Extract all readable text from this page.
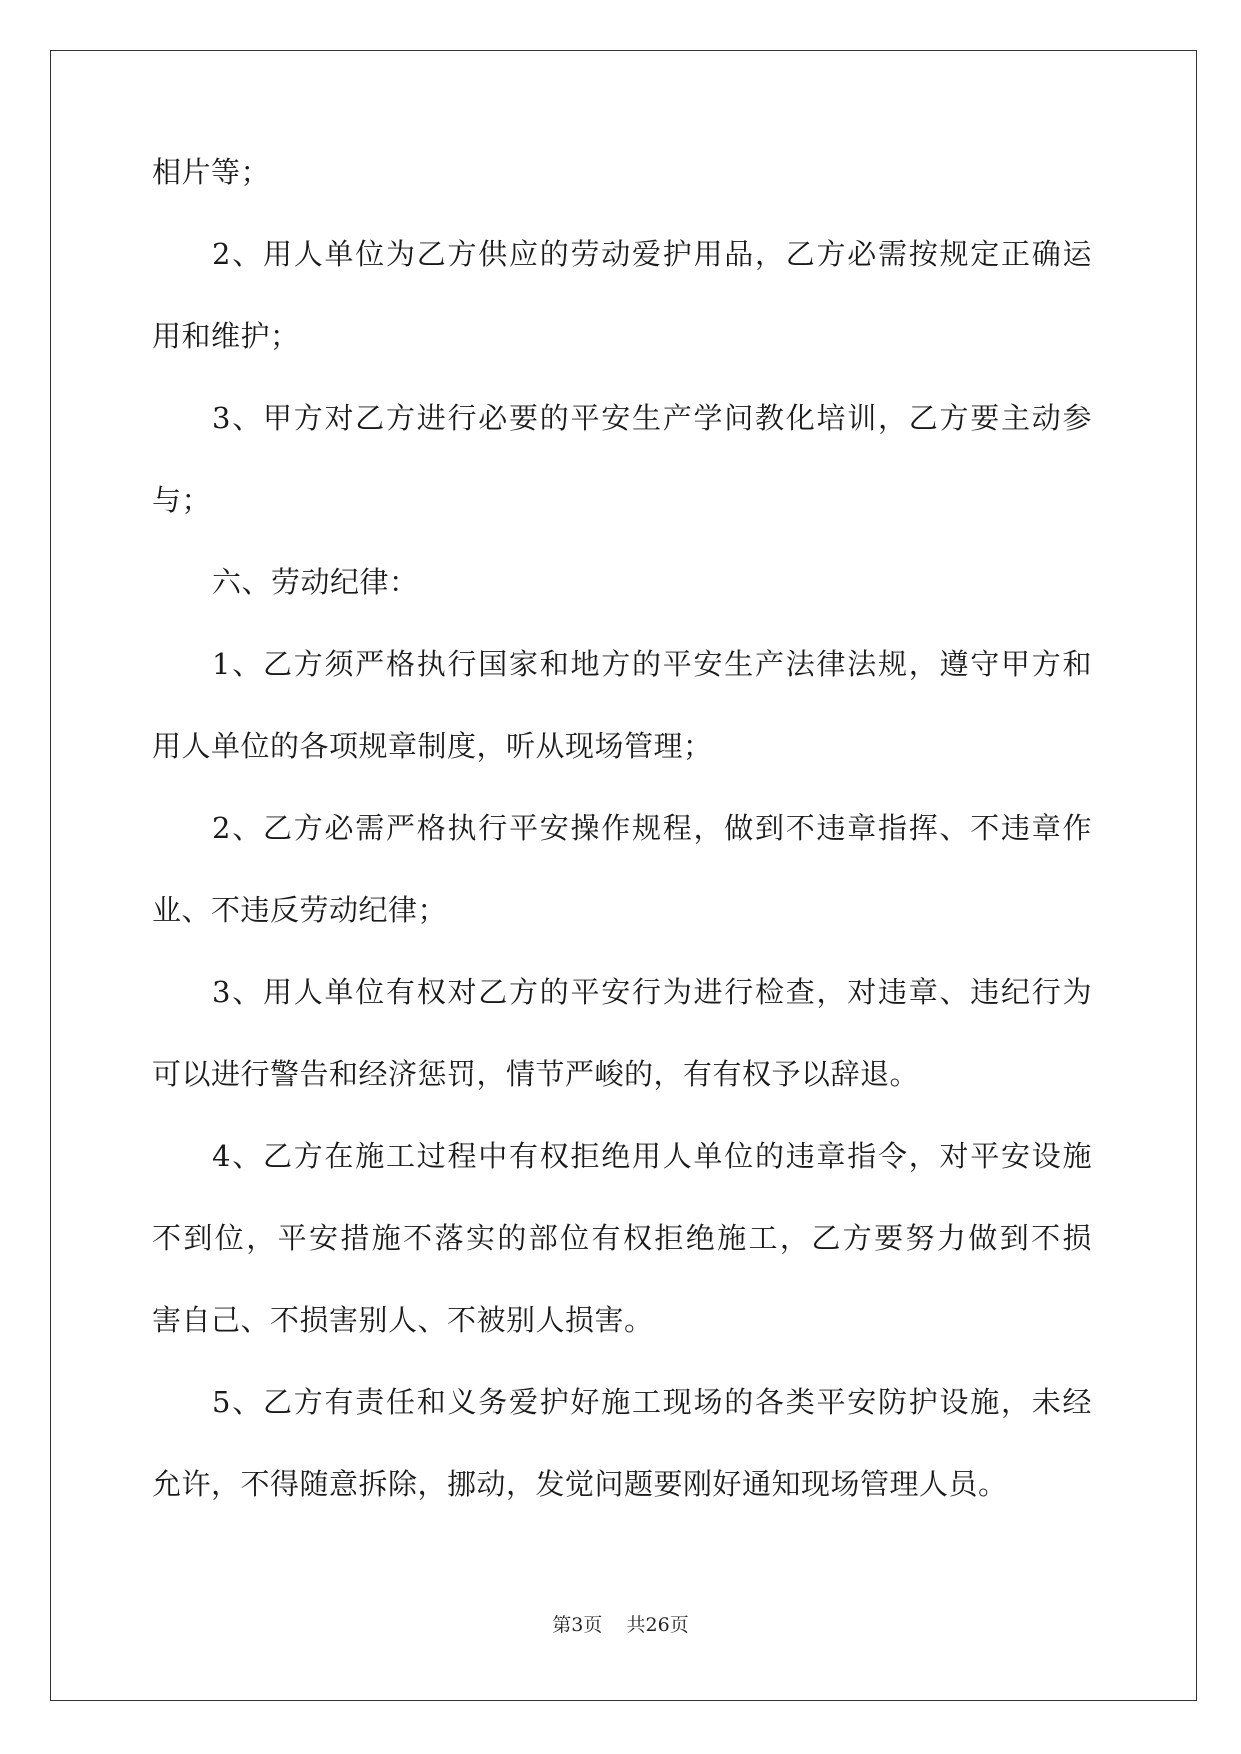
相片等；
2、用人单位为乙方供应的劳动爱护用品，乙方必需按规定正确运
用和维护；
3、甲方对乙方进行必要的平安生产学问教化培训，乙方要主动参
与；
六、劳动纪律：
1、乙方须严格执行国家和地方的平安生产法律法规，遵守甲方和
用人单位的各项规章制度，听从现场管理；
2、乙方必需严格执行平安操作规程，做到不违章指挥、不违章作
业、不违反劳动纪律；
3、用人单位有权对乙方的平安行为进行检查，对违章、违纪行为
可以进行警告和经济惩罚，情节严峻的，有有权予以辞退。
4、乙方在施工过程中有权拒绝用人单位的违章指令，对平安设施
不到位，平安措施不落实的部位有权拒绝施工，乙方要努力做到不损
害自己、不损害别人、不被别人损害。
5、乙方有责任和义务爱护好施工现场的各类平安防护设施，未经
允许，不得随意拆除，挪动，发觉问题要刚好通知现场管理人员。
第3页 共26页
